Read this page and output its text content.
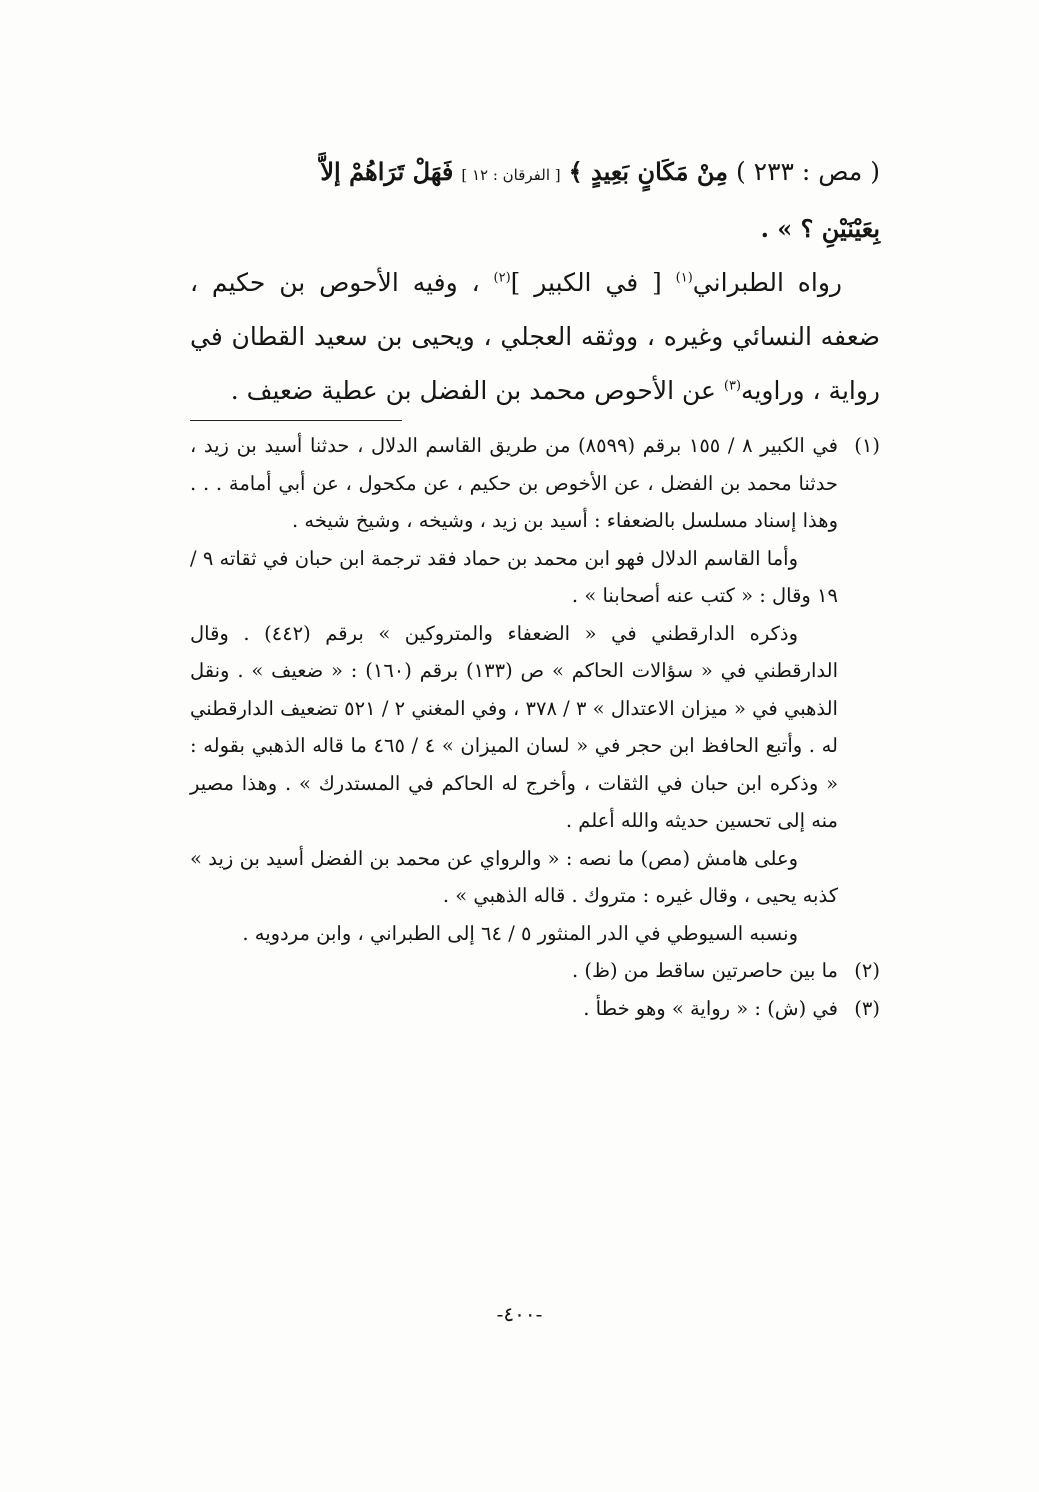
( مص : ٢٣٣ ) مِنْ مَكَانٍ بَعِيدٍ ﴾ [ الفرقان : ١٢ ] فَهَلْ تَرَاهُمْ إلاَّ

بِعَيْنَيْنِ ؟ » .

رواه الطبراني$^{(١)}$ [ في الكبير ]$^{(٢)}$ ، وفيه الأحوص بن حكيم ، ضعفه النسائي وغيره ، ووثقه العجلي ، ويحيى بن سعيد القطان في رواية ، وراويه$^{(٣)}$ عن الأحوص محمد بن الفضل بن عطية ضعيف .

(١)
في الكبير ٨ / ١٥٥ برقم (٨٥٩٩) من طريق القاسم الدلال ، حدثنا أسيد بن زيد ، حدثنا محمد بن الفضل ، عن الأخوص بن حكيم ، عن مكحول ، عن أبي أمامة . . . وهذا إسناد مسلسل بالضعفاء : أسيد بن زيد ، وشيخه ، وشيخ شيخه .

وأما القاسم الدلال فهو ابن محمد بن حماد فقد ترجمة ابن حبان في ثقاته ٩ / ١٩ وقال : « كتب عنه أصحابنا » .

وذكره الدارقطني في « الضعفاء والمتروكين » برقم (٤٤٢) . وقال الدارقطني في « سؤالات الحاكم » ص (١٣٣) برقم (١٦٠) : « ضعيف » . ونقل الذهبي في « ميزان الاعتدال » ٣ / ٣٧٨ ، وفي المغني ٢ / ٥٢١ تضعيف الدارقطني له . وأتبع الحافظ ابن حجر في « لسان الميزان » ٤ / ٤٦٥ ما قاله الذهبي بقوله : « وذكره ابن حبان في الثقات ، وأخرج له الحاكم في المستدرك » . وهذا مصير منه إلى تحسين حديثه والله أعلم .

وعلى هامش (مص) ما نصه : « والرواي عن محمد بن الفضل أسيد بن زيد » كذبه يحيى ، وقال غيره : متروك . قاله الذهبي » .

ونسبه السيوطي في الدر المنثور ٥ / ٦٤ إلى الطبراني ، وابن مردويه .

(٢)
ما بين حاصرتين ساقط من (ظ) .

(٣)
في (ش) : « رواية » وهو خطأ .

-٤٠٠-
